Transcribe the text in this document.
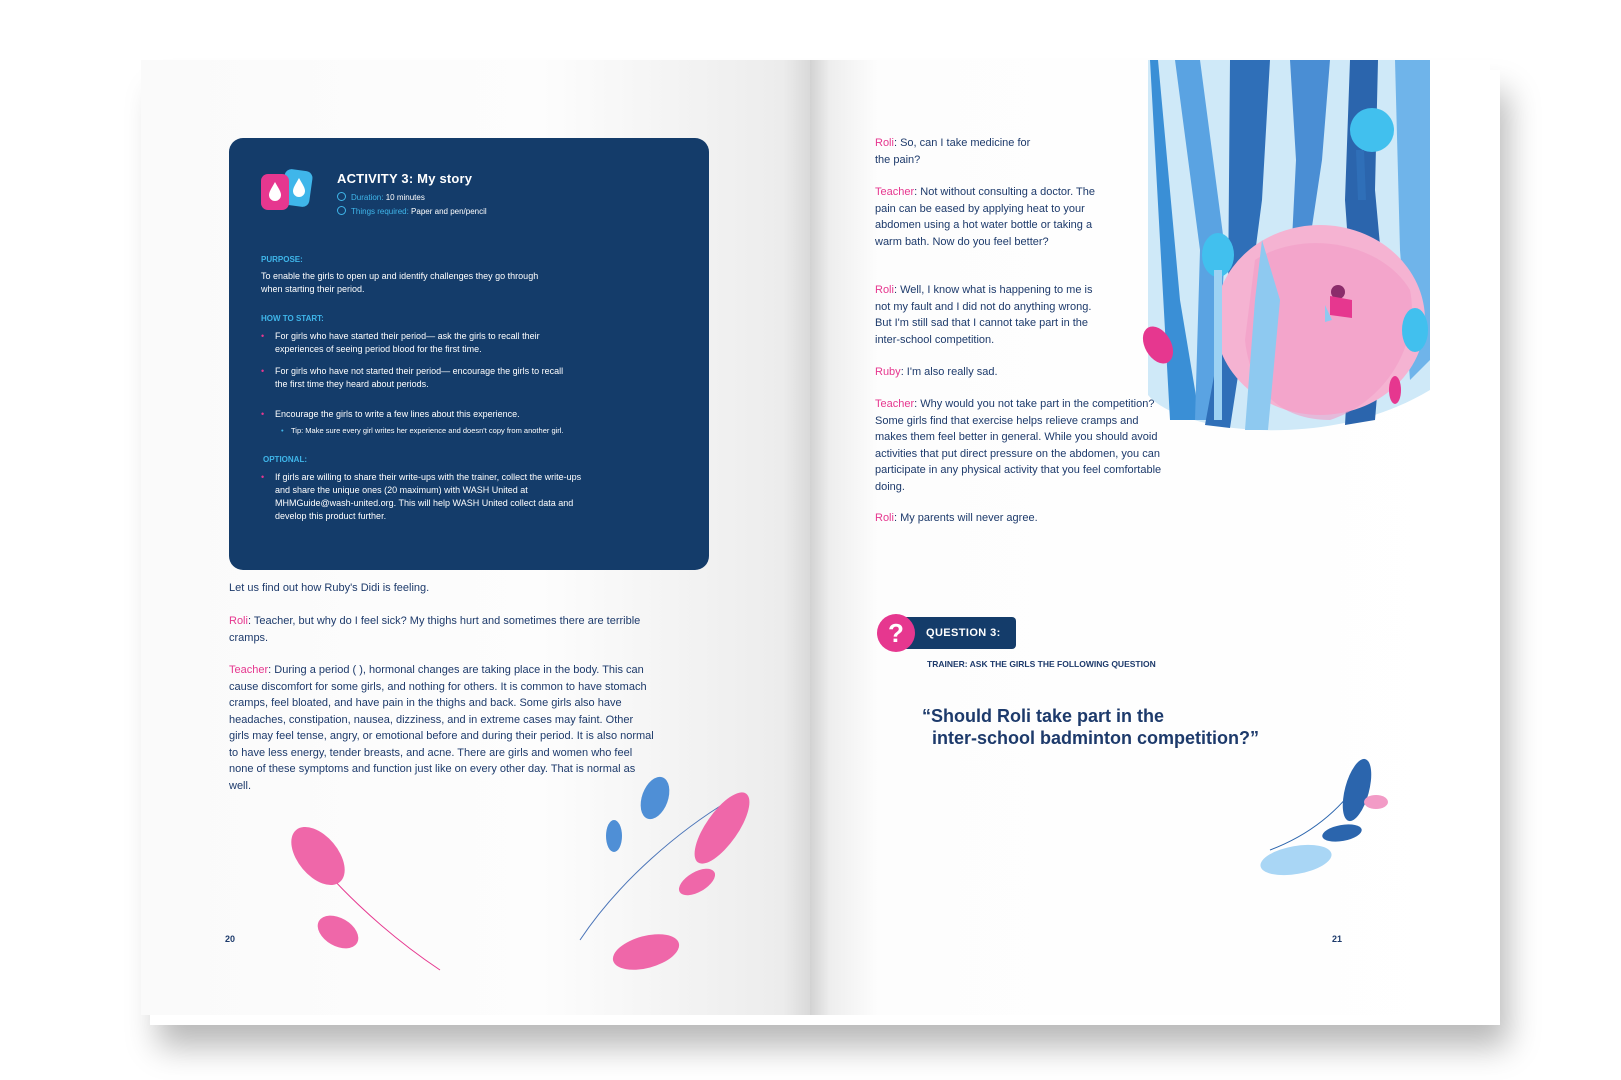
ACTIVITY 3: My story
Duration: 10 minutes
Things required: Paper and pen/pencil
PURPOSE:
To enable the girls to open up and identify challenges they go through when starting their period.
HOW TO START:
• For girls who have started their period— ask the girls to recall their experiences of seeing period blood for the first time.
• For girls who have not started their period— encourage the girls to recall the first time they heard about periods.
• Encourage the girls to write a few lines about this experience.
• Tip: Make sure every girl writes her experience and doesn't copy from another girl.
OPTIONAL:
• If girls are willing to share their write-ups with the trainer, collect the write-ups and share the unique ones (20 maximum) with WASH United at MHMGuide@wash-united.org. This will help WASH United collect data and develop this product further.
Let us find out how Ruby's Didi is feeling.
Roli: Teacher, but why do I feel sick? My thighs hurt and sometimes there are terrible cramps.
Teacher: During a period ( ), hormonal changes are taking place in the body. This can cause discomfort for some girls, and nothing for others. It is common to have stomach cramps, feel bloated, and have pain in the thighs and back. Some girls also have headaches, constipation, nausea, dizziness, and in extreme cases may faint. Other girls may feel tense, angry, or emotional before and during their period. It is also normal to have less energy, tender breasts, and acne. There are girls and women who feel none of these symptoms and function just like on every other day. That is normal as well.
Roli: So, can I take medicine for the pain?
Teacher: Not without consulting a doctor. The pain can be eased by applying heat to your abdomen using a hot water bottle or taking a warm bath. Now do you feel better?
Roli: Well, I know what is happening to me is not my fault and I did not do anything wrong. But I'm still sad that I cannot take part in the inter-school competition.
Ruby: I'm also really sad.
Teacher: Why would you not take part in the competition? Some girls find that exercise helps relieve cramps and makes them feel better in general. While you should avoid activities that put direct pressure on the abdomen, you can participate in any physical activity that you feel comfortable doing.
Roli: My parents will never agree.
?	QUESTION 3:
TRAINER: ASK THE GIRLS THE FOLLOWING QUESTION
“Should Roli take part in the
inter-school badminton competition?”
20	21
